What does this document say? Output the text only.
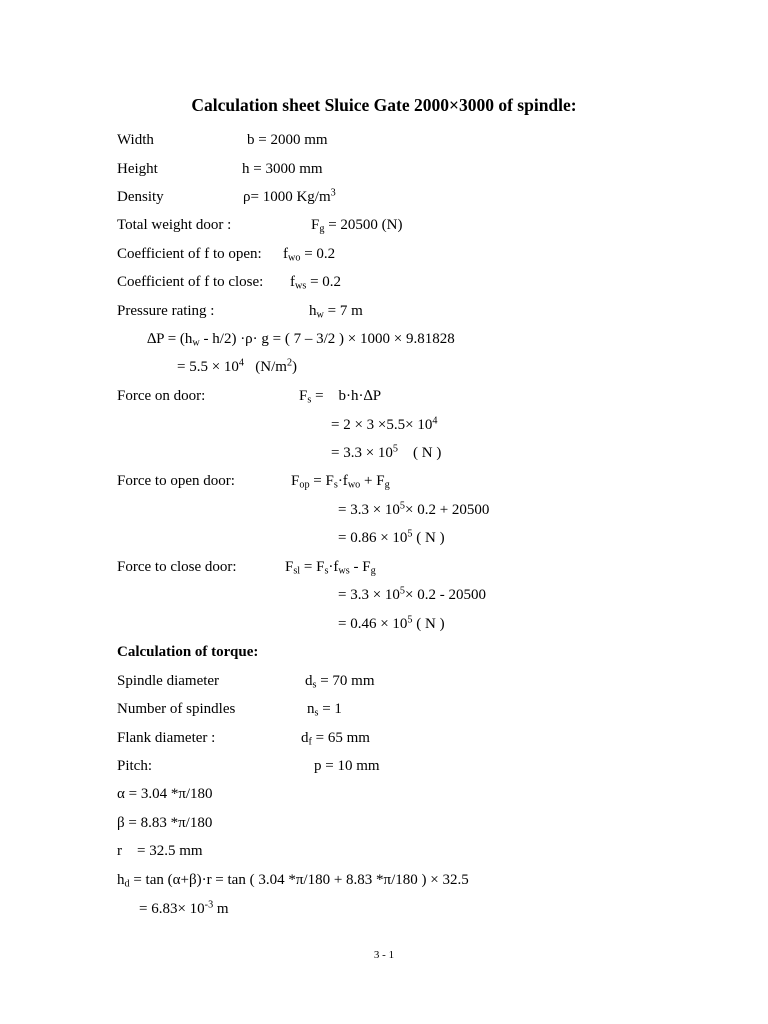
Calculation sheet Sluice Gate 2000×3000 of spindle:
Width	b = 2000 mm
Height	h = 3000 mm
Density	ρ= 1000 $Kg/m^3$
Total weight door :	$F_g = 20500$ (N)
Coefficient of f to open: $f_{wo} = 0.2$
Coefficient of f to close: $f_{ws} = 0.2$
Pressure rating :	$h_w = 7$ m
$\Delta P = (h_w - h/2) \cdot\rho\cdot g$ = ( 7 – 3/2 ) × 1000 × 9.81828
= $5.5 \times 10^4$   $(N/m^2)$
Force on door:	$F_s$ =    b·h·∆P
= $2 \times 3 \times 5.5\times 10^4$
= $3.3 \times 10^5$    ( N )
Force to open door:	$F_{op} = F_s\cdot f_{wo} + F_g$
= $3.3 \times 10^5\times 0.2 + 20500$
= $0.86 \times 10^5$ ( N )
Force to close door:	$F_{sl} = F_s\cdot f_{ws} - F_g$
= $3.3 \times 10^5\times 0.2 - 20500$
= $0.46 \times 10^5$ ( N )
Calculation of torque:
Spindle diameter	$d_s = 70$ mm
Number of spindles	$n_s = 1$
Flank diameter :	$d_f = 65$ mm
Pitch:	p = 10 mm
α = 3.04 *π/180
β = 8.83 *π/180
r    = 32.5 mm
$h_d = \tan (\alpha+\beta)\cdot r = \tan$ ( 3.04 *π/180 + 8.83 *π/180 ) × 32.5
= $6.83\times 10^{-3}$ m
3 - 1
